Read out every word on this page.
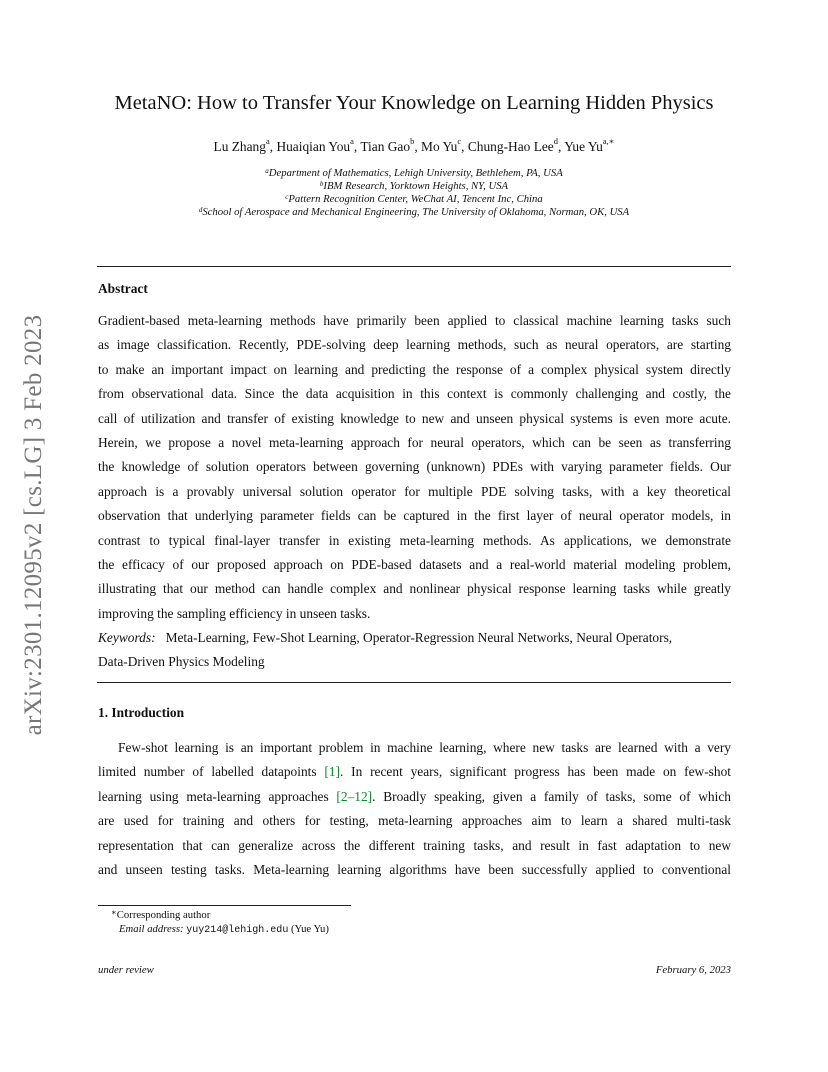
arXiv:2301.12095v2 [cs.LG] 3 Feb 2023
MetaNO: How to Transfer Your Knowledge on Learning Hidden Physics
Lu Zhang$^a$, Huaiqian You$^a$, Tian Gao$^b$, Mo Yu$^c$, Chung-Hao Lee$^d$, Yue $Yu^{a,∗}$
$^a$Department of Mathematics, Lehigh University, Bethlehem, PA, USA
$^b$IBM Research, Yorktown Heights, NY, USA
$^c$Pattern Recognition Center, WeChat AI, Tencent Inc, China
$^d$School of Aerospace and Mechanical Engineering, The University of Oklahoma, Norman, OK, USA
Abstract
Gradient-based meta-learning methods have primarily been applied to classical machine learning tasks such
as image classification. Recently, PDE-solving deep learning methods, such as neural operators, are starting
to make an important impact on learning and predicting the response of a complex physical system directly
from observational data. Since the data acquisition in this context is commonly challenging and costly, the
call of utilization and transfer of existing knowledge to new and unseen physical systems is even more acute.
Herein, we propose a novel meta-learning approach for neural operators, which can be seen as transferring
the knowledge of solution operators between governing (unknown) PDEs with varying parameter fields. Our
approach is a provably universal solution operator for multiple PDE solving tasks, with a key theoretical
observation that underlying parameter fields can be captured in the first layer of neural operator models, in
contrast to typical final-layer transfer in existing meta-learning methods. As applications, we demonstrate
the efficacy of our proposed approach on PDE-based datasets and a real-world material modeling problem,
illustrating that our method can handle complex and nonlinear physical response learning tasks while greatly
improving the sampling efficiency in unseen tasks.
Keywords: Meta-Learning, Few-Shot Learning, Operator-Regression Neural Networks, Neural Operators,
Data-Driven Physics Modeling
1. Introduction
Few-shot learning is an important problem in machine learning, where new tasks are learned with a very
limited number of labelled datapoints [1]. In recent years, significant progress has been made on few-shot
learning using meta-learning approaches [2–12]. Broadly speaking, given a family of tasks, some of which
are used for training and others for testing, meta-learning approaches aim to learn a shared multi-task
representation that can generalize across the different training tasks, and result in fast adaptation to new
and unseen testing tasks. Meta-learning learning algorithms have been successfully applied to conventional
∗Corresponding author
Email address: yuy214@lehigh.edu (Yue Yu)
under review	February 6, 2023
